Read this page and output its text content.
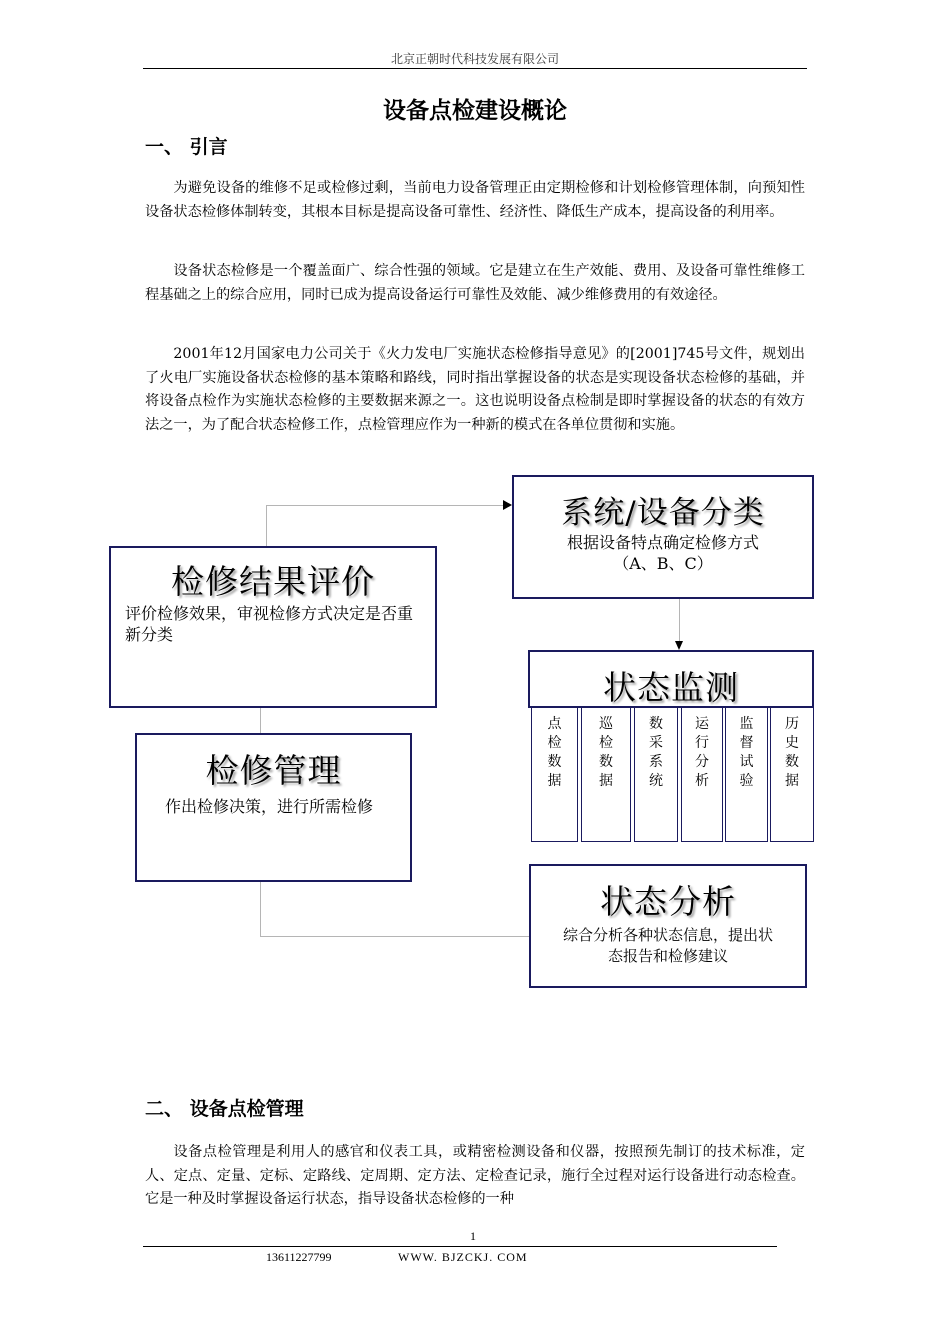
北京正朝时代科技发展有限公司
设备点检建设概论
一、 引言
为避免设备的维修不足或检修过剩，当前电力设备管理正由定期检修和计划检修管理体制，向预知性设备状态检修体制转变，其根本目标是提高设备可靠性、经济性、降低生产成本，提高设备的利用率。
设备状态检修是一个覆盖面广、综合性强的领域。它是建立在生产效能、费用、及设备可靠性维修工程基础之上的综合应用，同时已成为提高设备运行可靠性及效能、减少维修费用的有效途径。
2001年12月国家电力公司关于《火力发电厂实施状态检修指导意见》的[2001]745号文件，规划出了火电厂实施设备状态检修的基本策略和路线，同时指出掌握设备的状态是实现设备状态检修的基础，并将设备点检作为实施状态检修的主要数据来源之一。这也说明设备点检制是即时掌握设备的状态的有效方法之一，为了配合状态检修工作，点检管理应作为一种新的模式在各单位贯彻和实施。
系统/设备分类
根据设备特点确定检修方式
（A、B、C）
检修结果评价
评价检修效果，审视检修方式决定是否重新分类
状态监测
点
检
数
据
巡
检
数
据
数
采
系
统
运
行
分
析
监
督
试
验
历
史
数
据
检修管理
作出检修决策，进行所需检修
状态分析
综合分析各种状态信息，提出状
态报告和检修建议
二、 设备点检管理
设备点检管理是利用人的感官和仪表工具，或精密检测设备和仪器，按照预先制订的技术标准，定人、定点、定量、定标、定路线、定周期、定方法、定检查记录，施行全过程对运行设备进行动态检查。它是一种及时掌握设备运行状态，指导设备状态检修的一种
1
13611227799	WWW. BJZCKJ. COM
